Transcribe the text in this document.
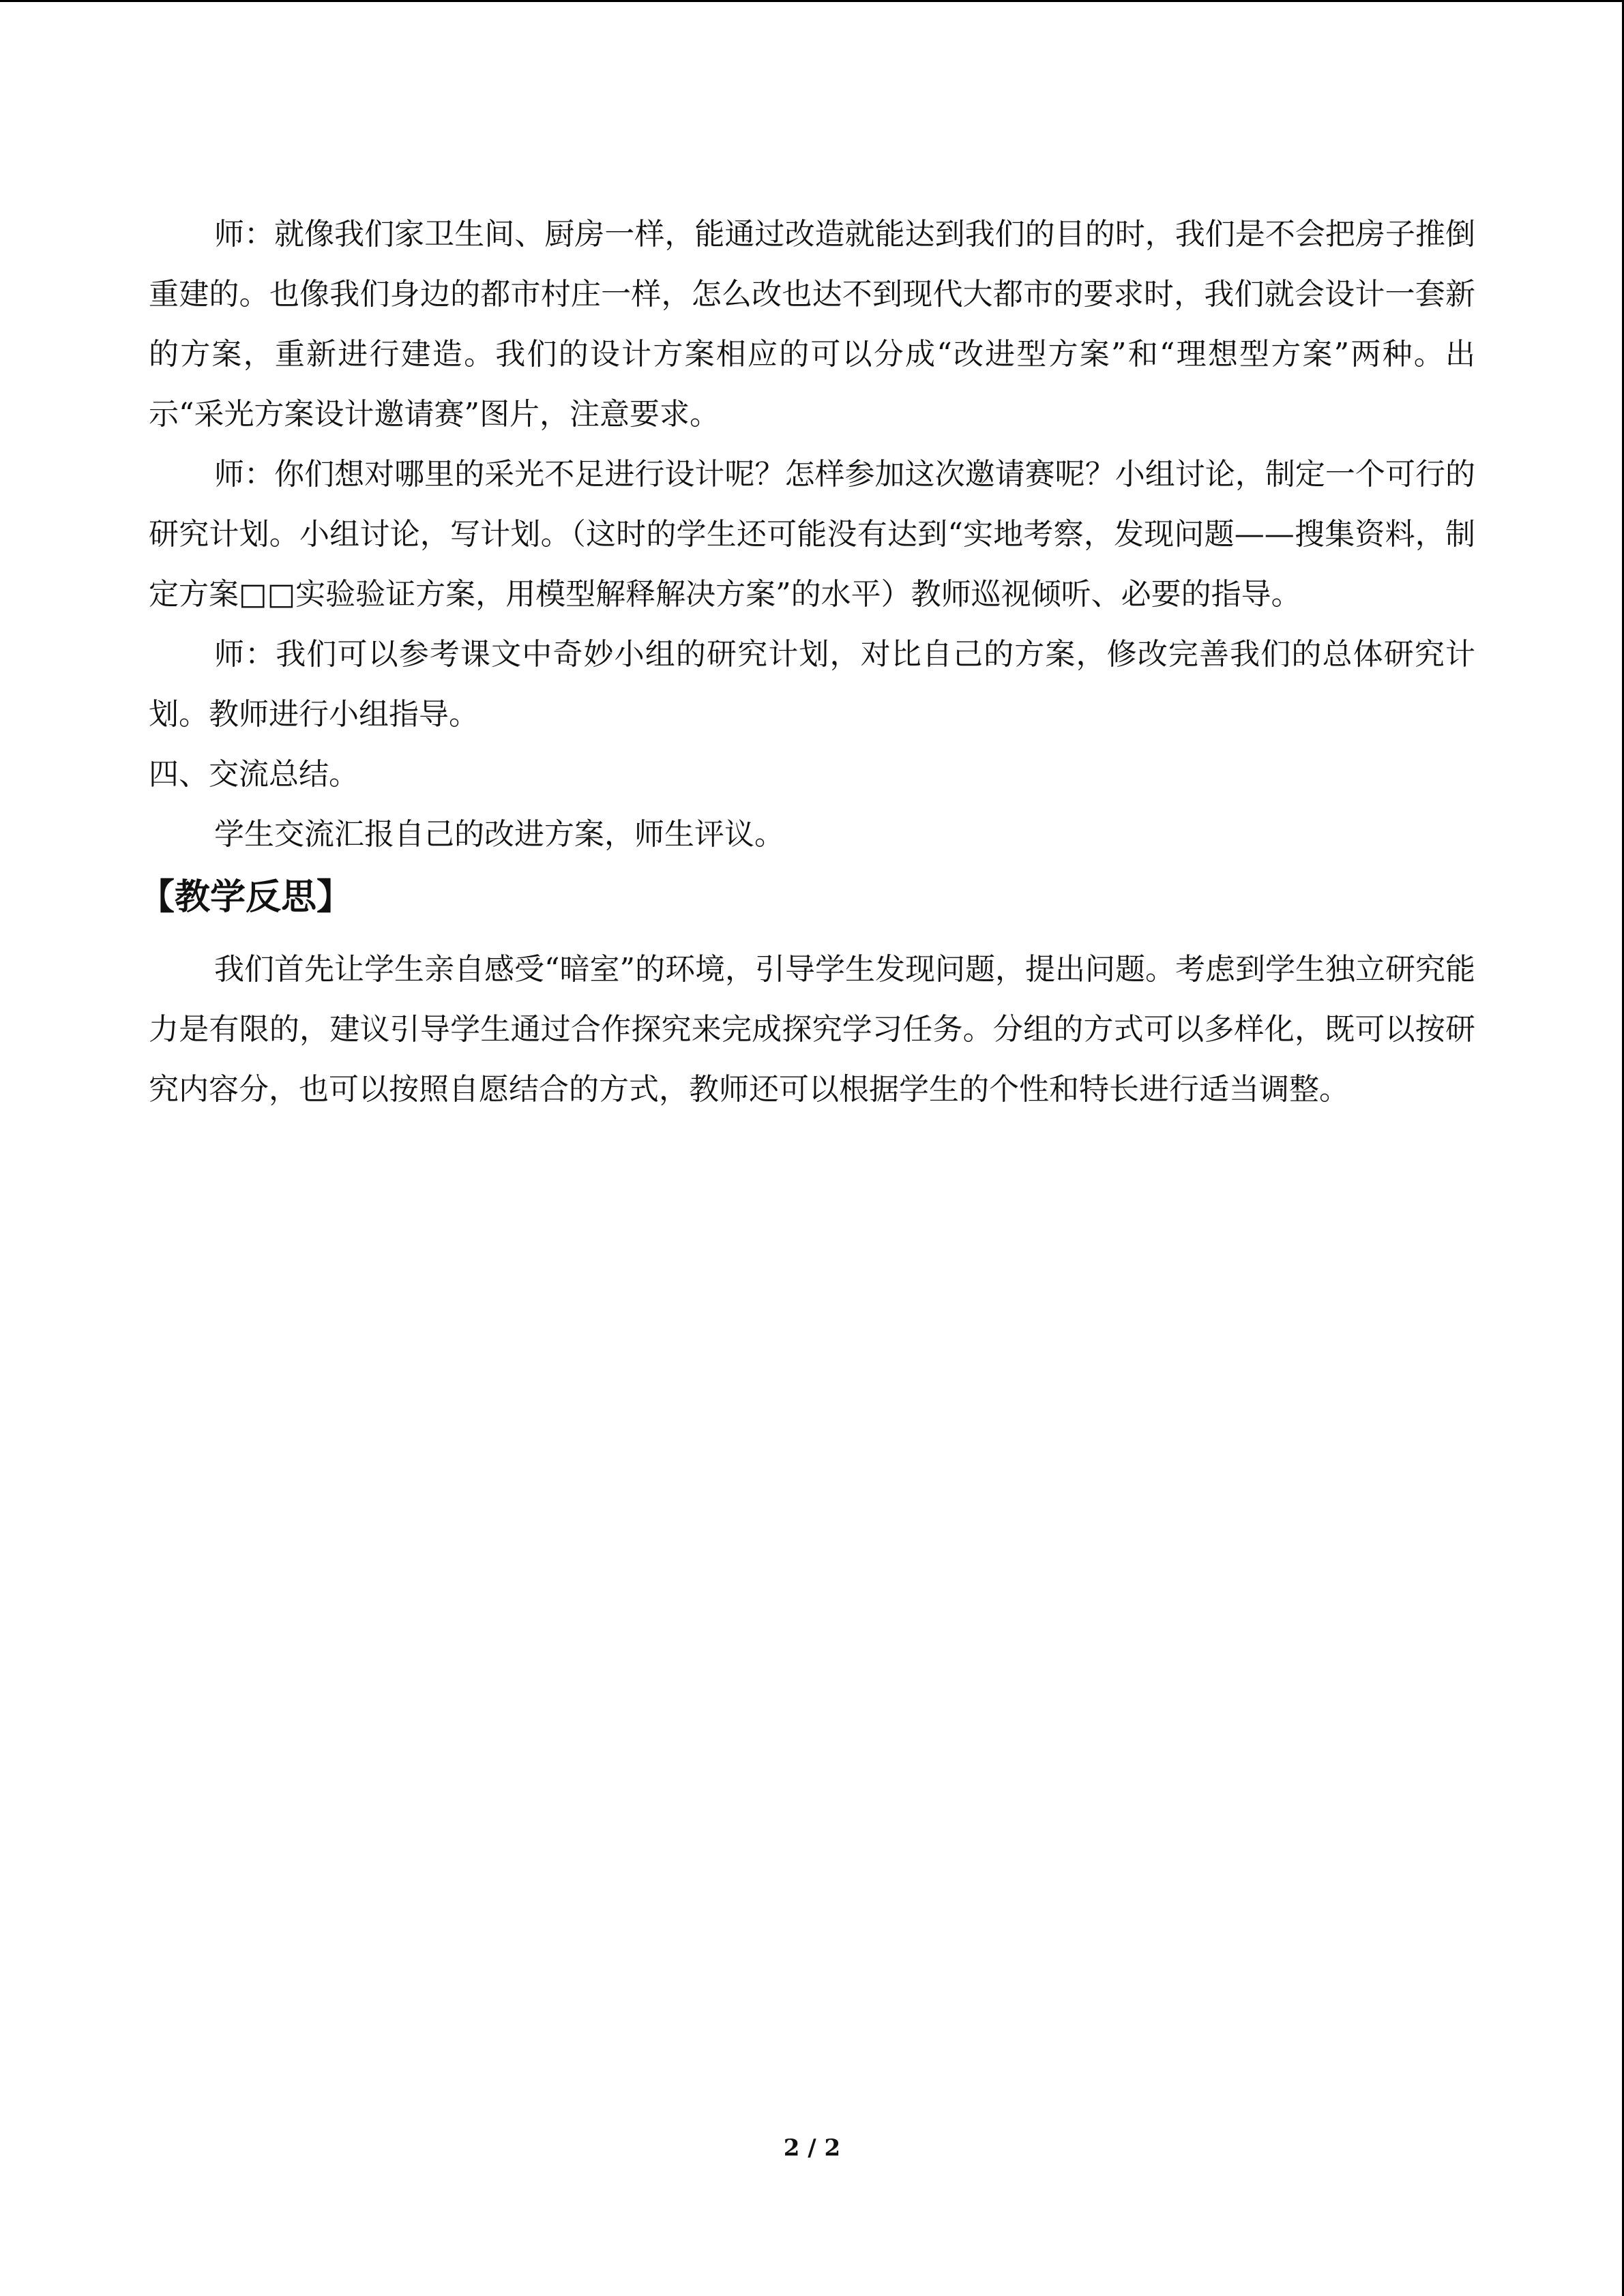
师：就像我们家卫生间、厨房一样，能通过改造就能达到我们的目的时，我们是不会把房子推倒重建的。也像我们身边的都市村庄一样，怎么改也达不到现代大都市的要求时，我们就会设计一套新的方案，重新进行建造。我们的设计方案相应的可以分成“改进型方案”和“理想型方案”两种。出示“采光方案设计邀请赛”图片，注意要求。

师：你们想对哪里的采光不足进行设计呢？怎样参加这次邀请赛呢？小组讨论，制定一个可行的研究计划。小组讨论，写计划。（这时的学生还可能没有达到“实地考察，发现问题——搜集资料，制定方案□□实验验证方案，用模型解释解决方案”的水平）教师巡视倾听、必要的指导。

师：我们可以参考课文中奇妙小组的研究计划，对比自己的方案，修改完善我们的总体研究计划。教师进行小组指导。

四、交流总结。

学生交流汇报自己的改进方案，师生评议。

【教学反思】

我们首先让学生亲自感受“暗室”的环境，引导学生发现问题，提出问题。考虑到学生独立研究能力是有限的，建议引导学生通过合作探究来完成探究学习任务。分组的方式可以多样化，既可以按研究内容分，也可以按照自愿结合的方式，教师还可以根据学生的个性和特长进行适当调整。

2 / 2
